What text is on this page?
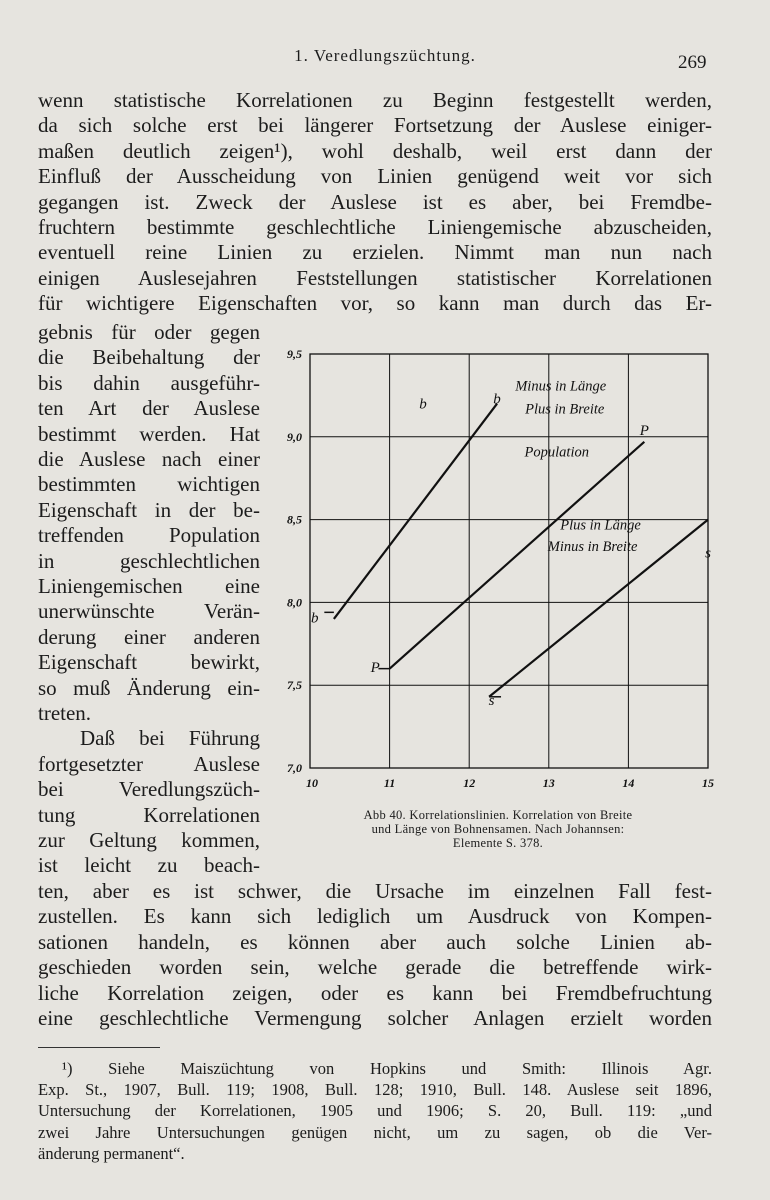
1. Veredlungszüchtung.	269
wenn statistische Korrelationen zu Beginn festgestellt werden,
da sich solche erst bei längerer Fortsetzung der Auslese einiger-
maßen deutlich zeigen¹), wohl deshalb, weil erst dann der
Einfluß der Ausscheidung von Linien genügend weit vor sich
gegangen ist. Zweck der Auslese ist es aber, bei Fremdbe-
fruchtern bestimmte geschlechtliche Liniengemische abzuscheiden,
eventuell reine Linien zu erzielen. Nimmt man nun nach
einigen Auslesejahren Feststellungen statistischer Korrelationen
für wichtigere Eigenschaften vor, so kann man durch das Er-
gebnis für oder gegen
die Beibehaltung der
bis dahin ausgeführ-
ten Art der Auslese
bestimmt werden. Hat
die Auslese nach einer
bestimmten wichtigen
Eigenschaft in der be-
treffenden Population
in geschlechtlichen
Liniengemischen eine
unerwünschte Verän-
derung einer anderen
Eigenschaft bewirkt,
so muß Änderung ein-
treten.
Daß bei Führung
fortgesetzter Auslese
bei Veredlungszüch-
tung Korrelationen
zur Geltung kommen,
ist leicht zu beach-
10	11	12	13	14	15
7,0
7,5
8,0
8,5
9,0
9,5
b
b
P
P
s
s
Minus in Länge
Plus in Breite
Population
Plus in Länge
Minus in Breite
b
Abb 40. Korrelationslinien. Korrelation von Breite
und Länge von Bohnensamen. Nach Johannsen:
Elemente S. 378.
ten, aber es ist schwer, die Ursache im einzelnen Fall fest-
zustellen. Es kann sich lediglich um Ausdruck von Kompen-
sationen handeln, es können aber auch solche Linien ab-
geschieden worden sein, welche gerade die betreffende wirk-
liche Korrelation zeigen, oder es kann bei Fremdbefruchtung
eine geschlechtliche Vermengung solcher Anlagen erzielt worden
¹) Siehe Maiszüchtung von Hopkins und Smith: Illinois Agr.
Exp. St., 1907, Bull. 119; 1908, Bull. 128; 1910, Bull. 148. Auslese seit 1896,
Untersuchung der Korrelationen, 1905 und 1906; S. 20, Bull. 119: „und
zwei Jahre Untersuchungen genügen nicht, um zu sagen, ob die Ver-
änderung permanent“.
